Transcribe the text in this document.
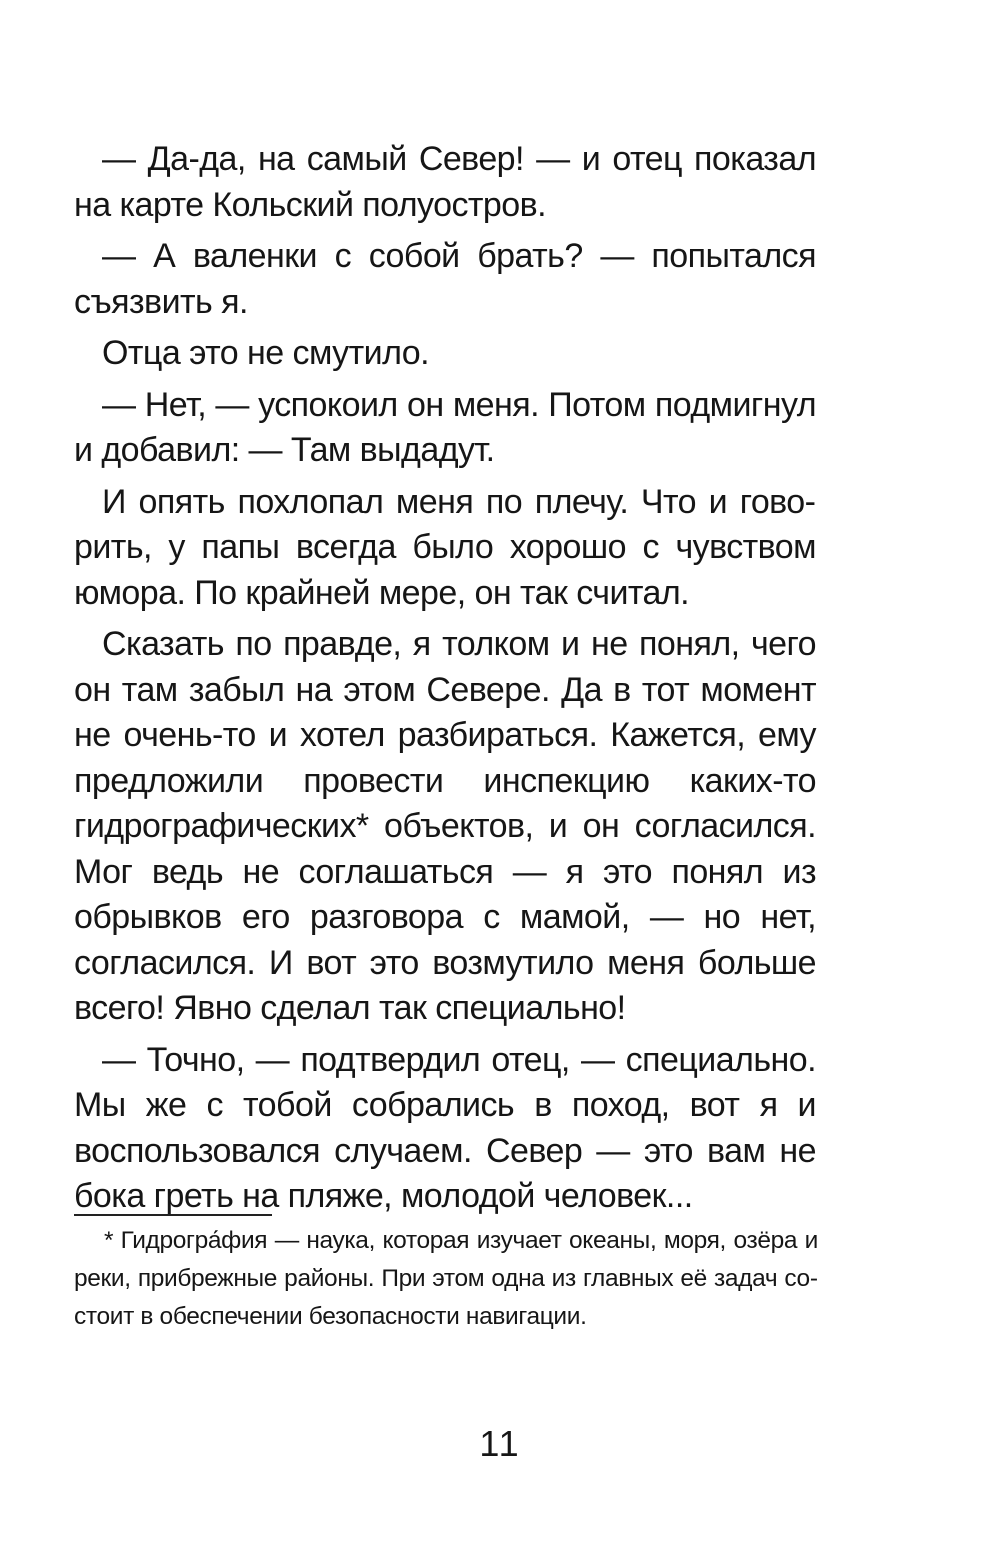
— Да-да, на самый Север! — и отец показал на карте Кольский полуостров.

— А валенки с собой брать? — попытался съязвить я.

Отца это не смутило.

— Нет, — успокоил он меня. Потом подмигнул и добавил: — Там выдадут.

И опять похлопал меня по плечу. Что и говорить, у папы всегда было хорошо с чувством юмора. По крайней мере, он так считал.

Сказать по правде, я толком и не понял, чего он там забыл на этом Севере. Да в тот момент не очень-то и хотел разбираться. Кажется, ему предложили провести инспекцию каких-то гидрографических* объектов, и он согласился. Мог ведь не соглашаться — я это понял из обрывков его разговора с мамой, — но нет, согласился. И вот это возмутило меня больше всего! Явно сделал так специально!

— Точно, — подтвердил отец, — специально. Мы же с тобой собрались в поход, вот я и воспользовался случаем. Север — это вам не бока греть на пляже, молодой человек...

* Гидрогра́фия — наука, которая изучает океаны, моря, озёра и реки, прибрежные районы. При этом одна из главных её задач состоит в обеспечении безопасности навигации.

11
